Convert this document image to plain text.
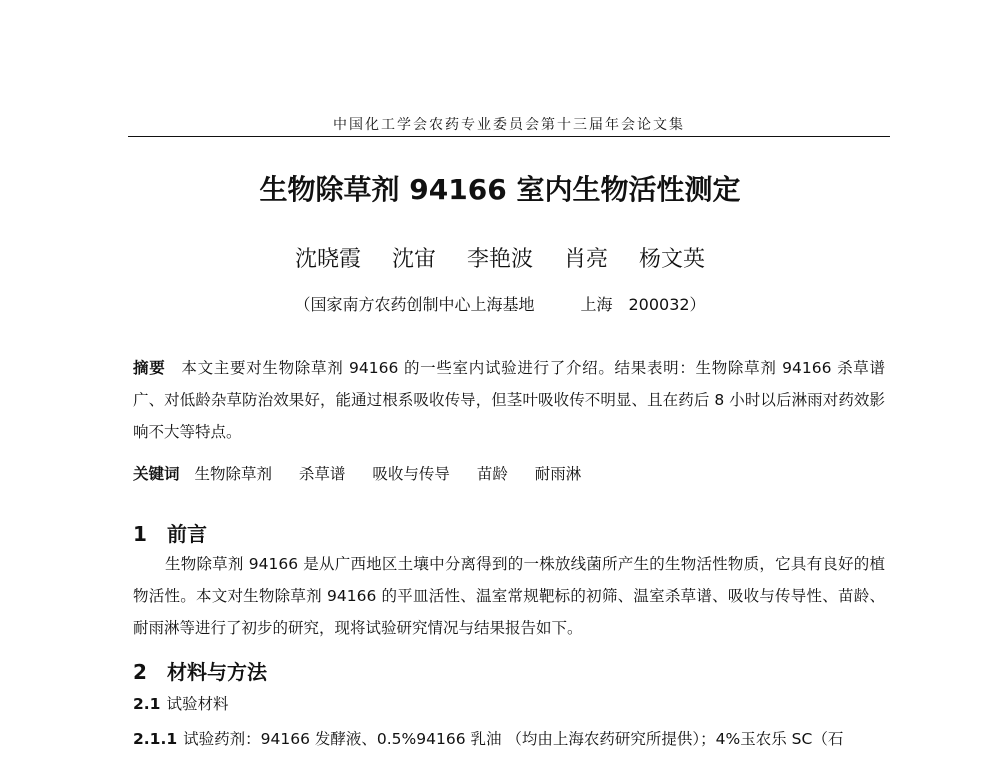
中国化工学会农药专业委员会第十三届年会论文集
生物除草剂 94166 室内生物活性测定
沈晓霞 沈宙 李艳波 肖亮 杨文英
（国家南方农药创制中心上海基地	上海 200032）
摘要 本文主要对生物除草剂 94166 的一些室内试验进行了介绍。结果表明：生物除草剂 94166 杀草谱广、对低龄杂草防治效果好，能通过根系吸收传导，但茎叶吸收传不明显、且在药后 8 小时以后淋雨对药效影响不大等特点。
关键词 生物除草剂 杀草谱 吸收与传导 苗龄 耐雨淋
1 前言
生物除草剂 94166 是从广西地区土壤中分离得到的一株放线菌所产生的生物活性物质，它具有良好的植物活性。本文对生物除草剂 94166 的平皿活性、温室常规靶标的初筛、温室杀草谱、吸收与传导性、苗龄、耐雨淋等进行了初步的研究，现将试验研究情况与结果报告如下。
2 材料与方法
2.1 试验材料
2.1.1 试验药剂：94166 发酵液、0.5%94166 乳油 （均由上海农药研究所提供）；4%玉农乐 SC（石
